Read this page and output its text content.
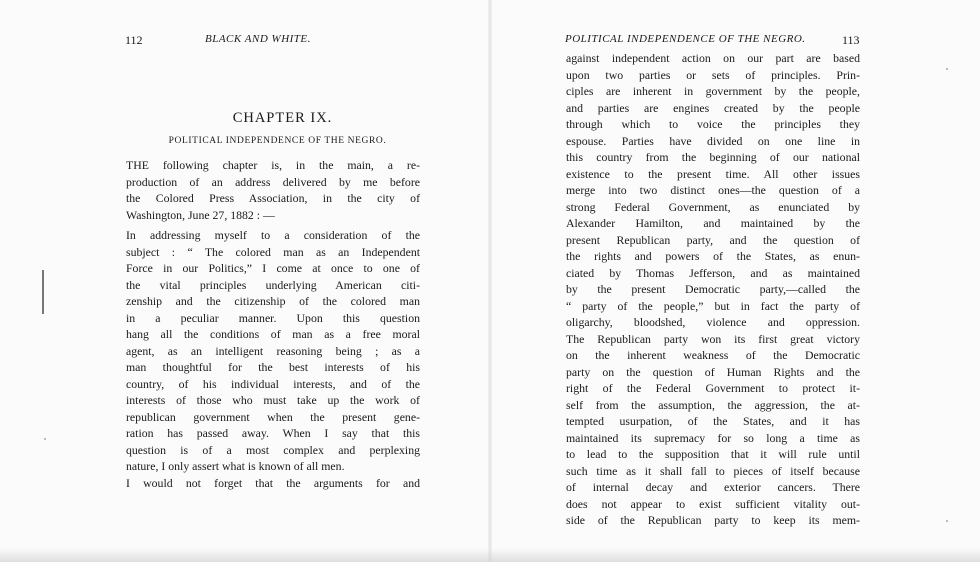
112	BLACK AND WHITE.
CHAPTER IX.
POLITICAL INDEPENDENCE OF THE NEGRO.
THE following chapter is, in the main, a re-
production of an address delivered by me before
the Colored Press Association, in the city of
Washington, June 27, 1882 : —
In addressing myself to a consideration of the
subject : “ The colored man as an Independent
Force in our Politics,” I come at once to one of
the vital principles underlying American citi-
zenship and the citizenship of the colored man
in a peculiar manner. Upon this question
hang all the conditions of man as a free moral
agent, as an intelligent reasoning being ; as a
man thoughtful for the best interests of his
country, of his individual interests, and of the
interests of those who must take up the work of
republican government when the present gene-
ration has passed away. When I say that this
question is of a most complex and perplexing
nature, I only assert what is known of all men.
I would not forget that the arguments for and
POLITICAL INDEPENDENCE OF THE NEGRO.	113
against independent action on our part are based
upon two parties or sets of principles. Prin-
ciples are inherent in government by the people,
and parties are engines created by the people
through which to voice the principles they
espouse. Parties have divided on one line in
this country from the beginning of our national
existence to the present time. All other issues
merge into two distinct ones—the question of a
strong Federal Government, as enunciated by
Alexander Hamilton, and maintained by the
present Republican party, and the question of
the rights and powers of the States, as enun-
ciated by Thomas Jefferson, and as maintained
by the present Democratic party,—called the
“ party of the people,” but in fact the party of
oligarchy, bloodshed, violence and oppression.
The Republican party won its first great victory
on the inherent weakness of the Democratic
party on the question of Human Rights and the
right of the Federal Government to protect it-
self from the assumption, the aggression, the at-
tempted usurpation, of the States, and it has
maintained its supremacy for so long a time as
to lead to the supposition that it will rule until
such time as it shall fall to pieces of itself because
of internal decay and exterior cancers. There
does not appear to exist sufficient vitality out-
side of the Republican party to keep its mem-
